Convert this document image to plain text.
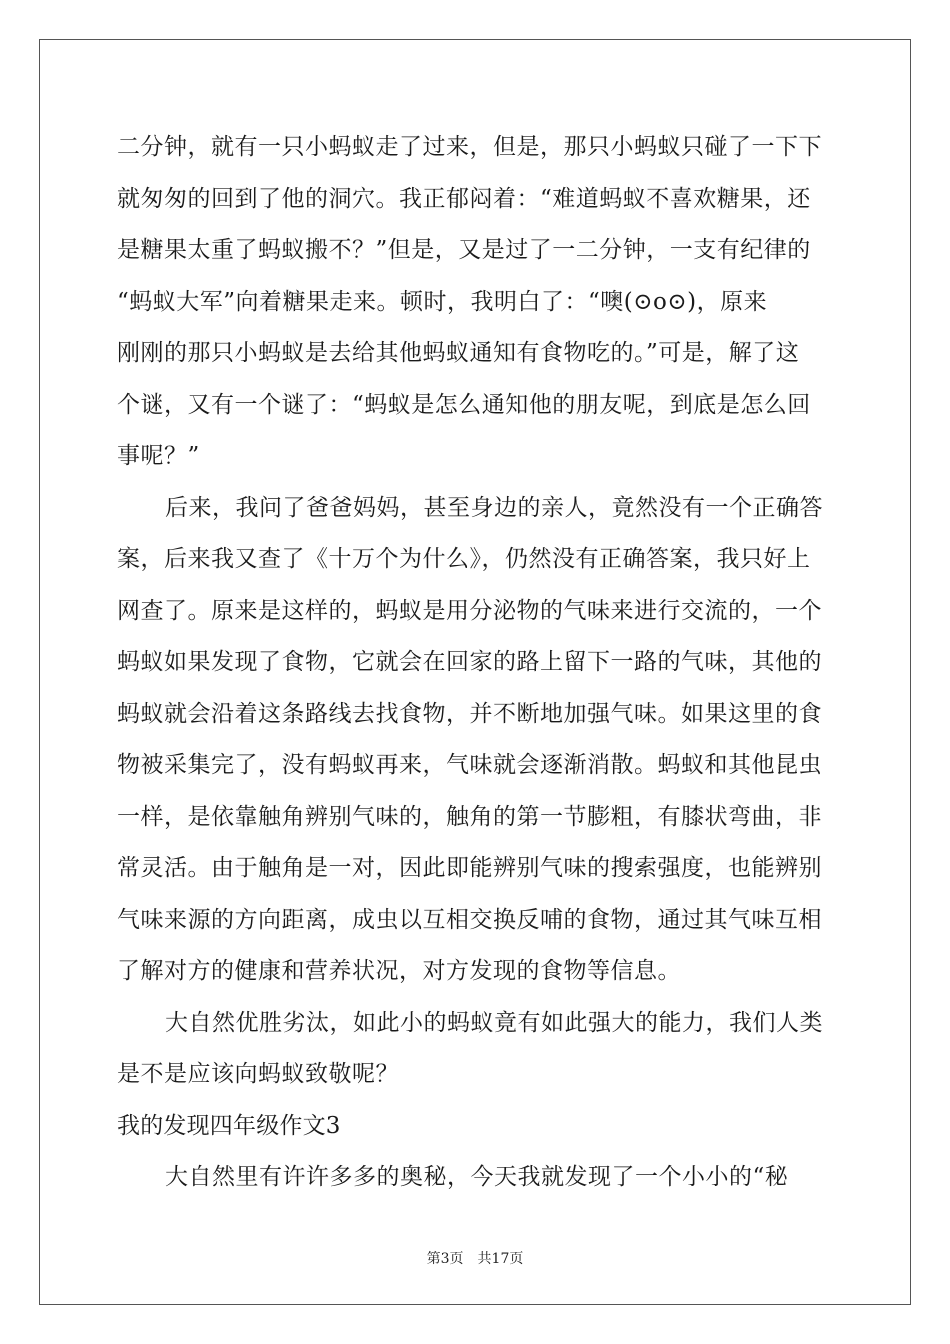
二分钟，就有一只小蚂蚁走了过来，但是，那只小蚂蚁只碰了一下下
就匆匆的回到了他的洞穴。我正郁闷着：“难道蚂蚁不喜欢糖果，还
是糖果太重了蚂蚁搬不？”但是，又是过了一二分钟，一支有纪律的
“蚂蚁大军”向着糖果走来。顿时，我明白了：“噢(⊙o⊙)，原来
刚刚的那只小蚂蚁是去给其他蚂蚁通知有食物吃的。”可是，解了这
个谜，又有一个谜了：“蚂蚁是怎么通知他的朋友呢，到底是怎么回
事呢？”
后来，我问了爸爸妈妈，甚至身边的亲人，竟然没有一个正确答
案，后来我又查了《十万个为什么》，仍然没有正确答案，我只好上
网查了。原来是这样的，蚂蚁是用分泌物的气味来进行交流的，一个
蚂蚁如果发现了食物，它就会在回家的路上留下一路的气味，其他的
蚂蚁就会沿着这条路线去找食物，并不断地加强气味。如果这里的食
物被采集完了，没有蚂蚁再来，气味就会逐渐消散。蚂蚁和其他昆虫
一样，是依靠触角辨别气味的，触角的第一节膨粗，有膝状弯曲，非
常灵活。由于触角是一对，因此即能辨别气味的搜索强度，也能辨别
气味来源的方向距离，成虫以互相交换反哺的食物，通过其气味互相
了解对方的健康和营养状况，对方发现的食物等信息。
大自然优胜劣汰，如此小的蚂蚁竟有如此强大的能力，我们人类
是不是应该向蚂蚁致敬呢？
我的发现四年级作文3
大自然里有许许多多的奥秘，今天我就发现了一个小小的“秘
第3页　共17页
